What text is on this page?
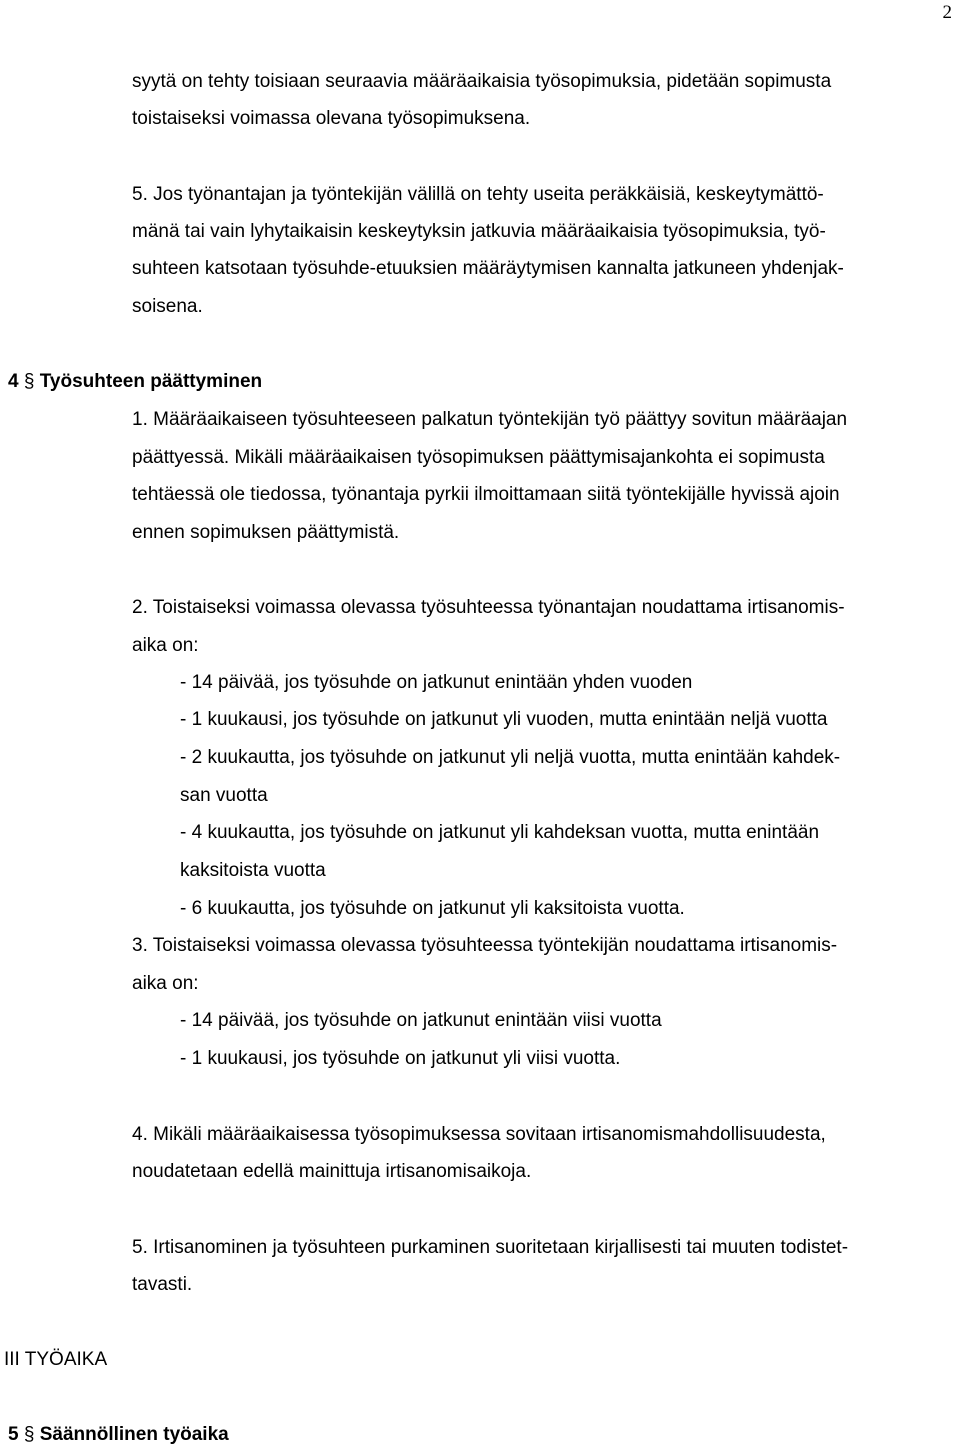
2
syytä on tehty toisiaan seuraavia määräaikaisia työsopimuksia, pidetään sopimusta
toistaiseksi voimassa olevana työsopimuksena.
5. Jos työnantajan ja työntekijän välillä on tehty useita peräkkäisiä, keskeytymättö-
mänä tai vain lyhytaikaisin keskeytyksin jatkuvia määräaikaisia työsopimuksia, työ-
suhteen katsotaan työsuhde-etuuksien määräytymisen kannalta jatkuneen yhdenjak-
soisena.
4 § Työsuhteen päättyminen
1. Määräaikaiseen työsuhteeseen palkatun työntekijän työ päättyy sovitun määräajan
päättyessä. Mikäli määräaikaisen työsopimuksen päättymisajankohta ei sopimusta
tehtäessä ole tiedossa, työnantaja pyrkii ilmoittamaan siitä työntekijälle hyvissä ajoin
ennen sopimuksen päättymistä.
2. Toistaiseksi voimassa olevassa työsuhteessa työnantajan noudattama irtisanomis-
aika on:
- 14 päivää, jos työsuhde on jatkunut enintään yhden vuoden
- 1 kuukausi, jos työsuhde on jatkunut yli vuoden, mutta enintään neljä vuotta
- 2 kuukautta, jos työsuhde on jatkunut yli neljä vuotta, mutta enintään kahdek-
san vuotta
- 4 kuukautta, jos työsuhde on jatkunut yli kahdeksan vuotta, mutta enintään
kaksitoista vuotta
- 6 kuukautta, jos työsuhde on jatkunut yli kaksitoista vuotta.
3. Toistaiseksi voimassa olevassa työsuhteessa työntekijän noudattama irtisanomis-
aika on:
- 14 päivää, jos työsuhde on jatkunut enintään viisi vuotta
- 1 kuukausi, jos työsuhde on jatkunut yli viisi vuotta.
4. Mikäli määräaikaisessa työsopimuksessa sovitaan irtisanomismahdollisuudesta,
noudatetaan edellä mainittuja irtisanomisaikoja.
5. Irtisanominen ja työsuhteen purkaminen suoritetaan kirjallisesti tai muuten todistet-
tavasti.
III TYÖAIKA
5 § Säännöllinen työaika
